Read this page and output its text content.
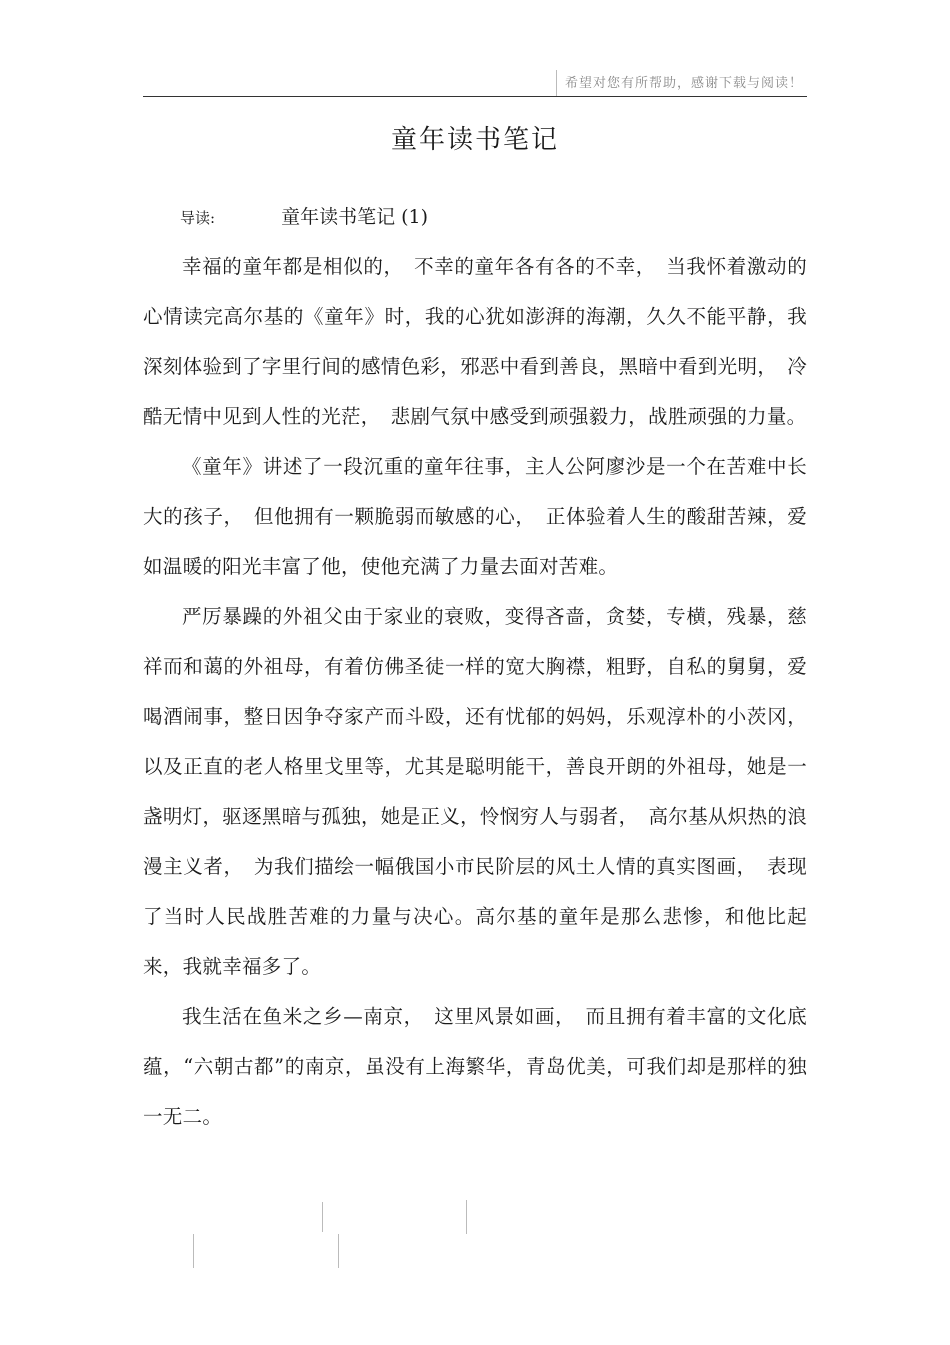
希望对您有所帮助，感谢下载与阅读！
童年读书笔记
导读:	童年读书笔记 (1)

幸福的童年都是相似的，　不幸的童年各有各的不幸，　当我怀着激动的心情读完高尔基的《童年》时，我的心犹如澎湃的海潮，久久不能平静，我深刻体验到了字里行间的感情色彩，邪恶中看到善良，黑暗中看到光明，　冷酷无情中见到人性的光茫，　悲剧气氛中感受到顽强毅力，战胜顽强的力量。

《童年》讲述了一段沉重的童年往事，主人公阿廖沙是一个在苦难中长大的孩子，　但他拥有一颗脆弱而敏感的心，　正体验着人生的酸甜苦辣，爱如温暖的阳光丰富了他，使他充满了力量去面对苦难。

严厉暴躁的外祖父由于家业的衰败，变得吝啬，贪婪，专横，残暴，慈祥而和蔼的外祖母，有着仿佛圣徒一样的宽大胸襟，粗野，自私的舅舅，爱喝酒闹事，整日因争夺家产而斗殴，还有忧郁的妈妈，乐观淳朴的小茨冈，以及正直的老人格里戈里等，尤其是聪明能干，善良开朗的外祖母，她是一盏明灯，驱逐黑暗与孤独，她是正义，怜悯穷人与弱者，　高尔基从炽热的浪漫主义者，　为我们描绘一幅俄国小市民阶层的风土人情的真实图画，　表现了当时人民战胜苦难的力量与决心。高尔基的童年是那么悲惨，和他比起来，我就幸福多了。

我生活在鱼米之乡—南京，　这里风景如画，　而且拥有着丰富的文化底蕴，“六朝古都”的南京，虽没有上海繁华，青岛优美，可我们却是那样的独一无二。
